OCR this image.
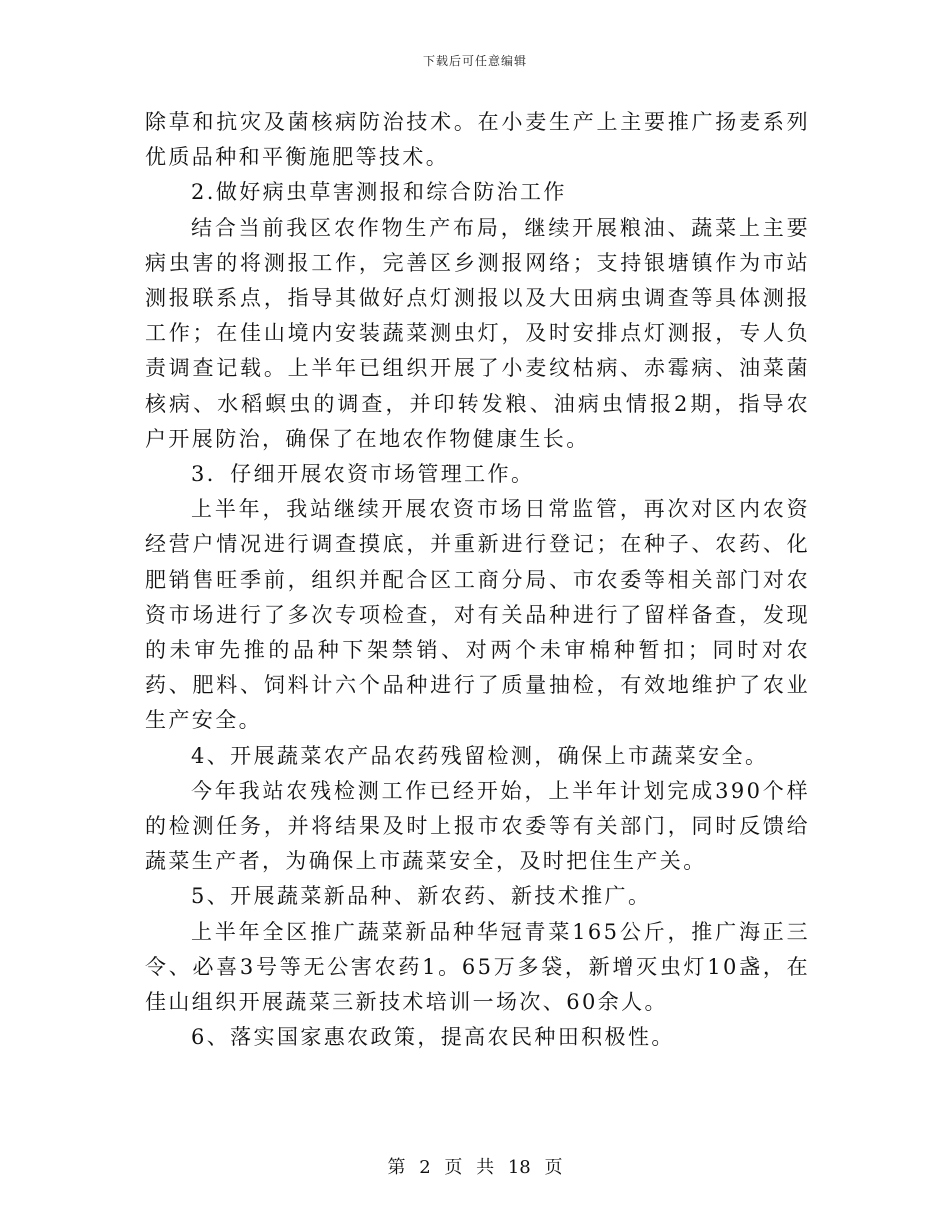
下载后可任意编辑

除草和抗灾及菌核病防治技术。在小麦生产上主要推广扬麦系列优质品种和平衡施肥等技术。

2.做好病虫草害测报和综合防治工作

结合当前我区农作物生产布局，继续开展粮油、蔬菜上主要病虫害的将测报工作，完善区乡测报网络；支持银塘镇作为市站测报联系点，指导其做好点灯测报以及大田病虫调查等具体测报工作；在佳山境内安装蔬菜测虫灯，及时安排点灯测报，专人负责调查记载。上半年已组织开展了小麦纹枯病、赤霉病、油菜菌核病、水稻螟虫的调查，并印转发粮、油病虫情报2期，指导农户开展防治，确保了在地农作物健康生长。

3．仔细开展农资市场管理工作。

上半年，我站继续开展农资市场日常监管，再次对区内农资经营户情况进行调查摸底，并重新进行登记；在种子、农药、化肥销售旺季前，组织并配合区工商分局、市农委等相关部门对农资市场进行了多次专项检查，对有关品种进行了留样备查，发现的未审先推的品种下架禁销、对两个未审棉种暂扣；同时对农药、肥料、饲料计六个品种进行了质量抽检，有效地维护了农业生产安全。

4、开展蔬菜农产品农药残留检测，确保上市蔬菜安全。

今年我站农残检测工作已经开始，上半年计划完成390个样的检测任务，并将结果及时上报市农委等有关部门，同时反馈给蔬菜生产者，为确保上市蔬菜安全，及时把住生产关。

5、开展蔬菜新品种、新农药、新技术推广。

上半年全区推广蔬菜新品种华冠青菜165公斤，推广海正三令、必喜3号等无公害农药1。65万多袋，新增灭虫灯10盏，在佳山组织开展蔬菜三新技术培训一场次、60余人。

6、落实国家惠农政策，提高农民种田积极性。

第 2 页 共 18 页
